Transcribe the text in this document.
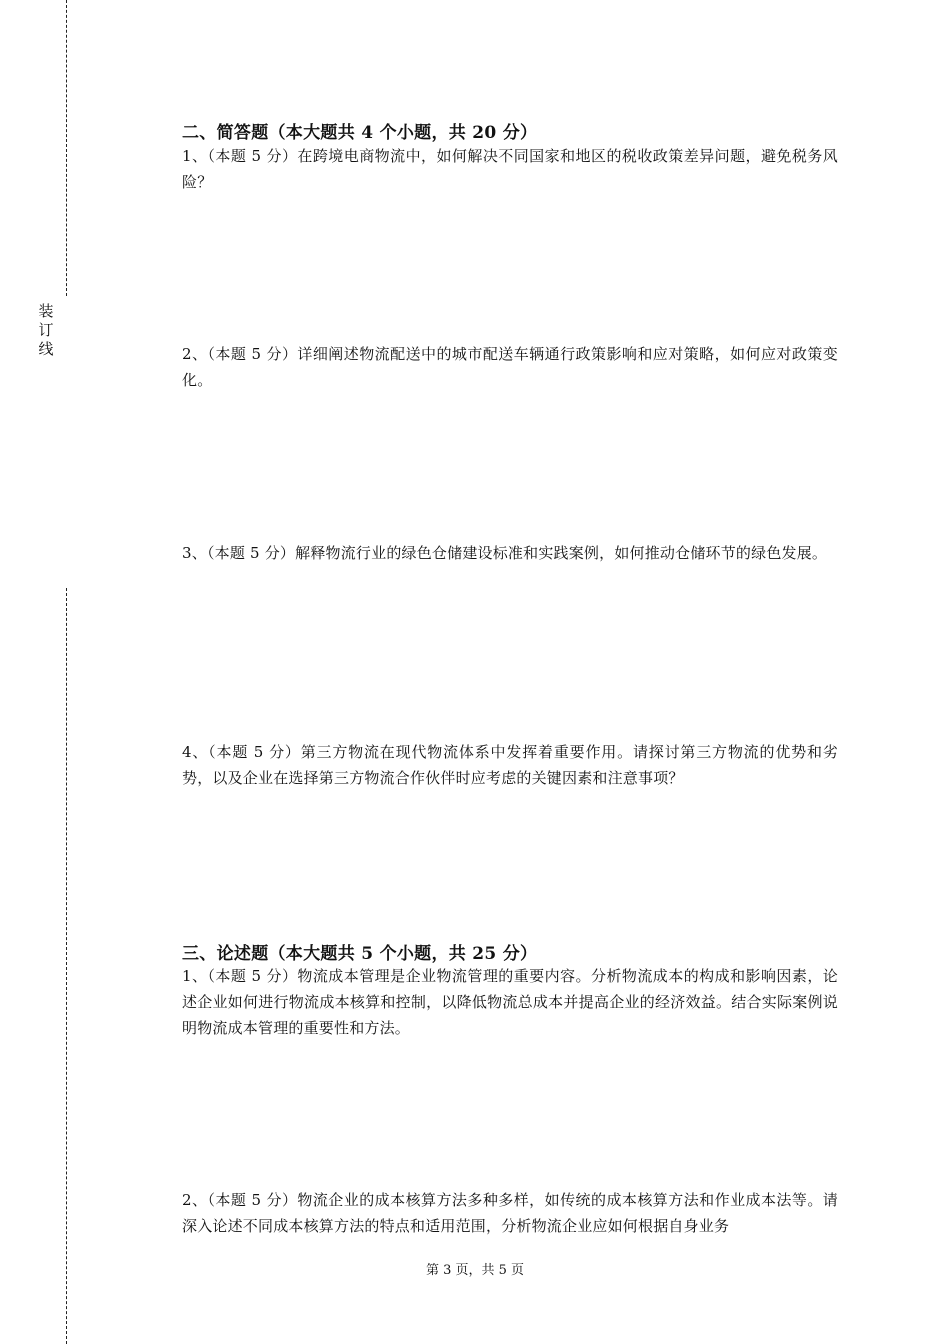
装订线
二、简答题（本大题共 4 个小题，共 20 分）
1、（本题 5 分）在跨境电商物流中，如何解决不同国家和地区的税收政策差异问题，避免税务风险？
2、（本题 5 分）详细阐述物流配送中的城市配送车辆通行政策影响和应对策略，如何应对政策变化。
3、（本题 5 分）解释物流行业的绿色仓储建设标准和实践案例，如何推动仓储环节的绿色发展。
4、（本题 5 分）第三方物流在现代物流体系中发挥着重要作用。请探讨第三方物流的优势和劣势，以及企业在选择第三方物流合作伙伴时应考虑的关键因素和注意事项？
三、论述题（本大题共 5 个小题，共 25 分）
1、（本题 5 分）物流成本管理是企业物流管理的重要内容。分析物流成本的构成和影响因素，论述企业如何进行物流成本核算和控制，以降低物流总成本并提高企业的经济效益。结合实际案例说明物流成本管理的重要性和方法。
2、（本题 5 分）物流企业的成本核算方法多种多样，如传统的成本核算方法和作业成本法等。请深入论述不同成本核算方法的特点和适用范围，分析物流企业应如何根据自身业务
第 3 页，共 5 页
